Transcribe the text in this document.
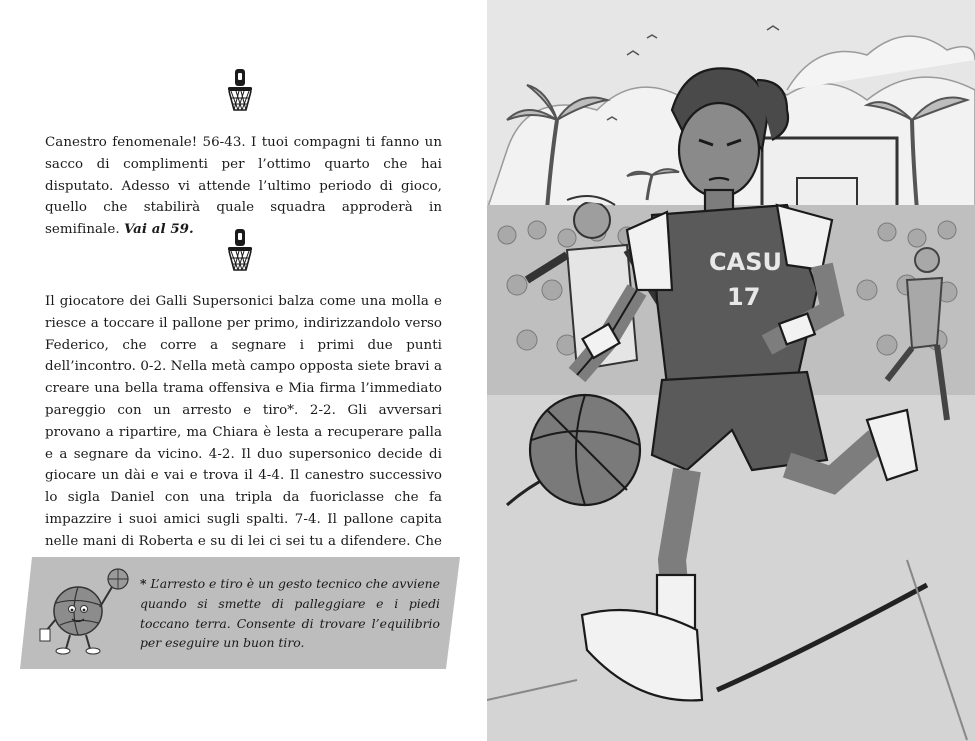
Canestro fenomenale! 56-43. I tuoi compagni ti fanno un sacco di complimenti per l’ottimo quarto che hai disputato. Adesso vi attende l’ultimo periodo di gioco, quello che stabilirà quale squadra approderà in semifinale. Vai al 59.

Il giocatore dei Galli Supersonici balza come una molla e riesce a toccare il pallone per primo, indirizzandolo verso Federico, che corre a segnare i primi due punti dell’incontro. 0-2. Nella metà campo opposta siete bravi a creare una bella trama offensiva e Mia firma l’immediato pareggio con un arresto e tiro*. 2-2. Gli avversari provano a ripartire, ma Chiara è lesta a recuperare palla e a segnare da vicino. 4-2. Il duo supersonico decide di giocare un dài e vai e trova il 4-4. Il canestro successivo lo sigla Daniel con una tripla da fuoriclasse che fa impazzire i suoi amici sugli spalti. 7-4. Il pallone capita nelle mani di Roberta e su di lei ci sei tu a difendere. Che

* L’arresto e tiro è un gesto tecnico che avviene quando si smette di palleggiare e i piedi toccano terra. Consente di trovare l’equilibrio per eseguire un buon tiro.

CASU
17
